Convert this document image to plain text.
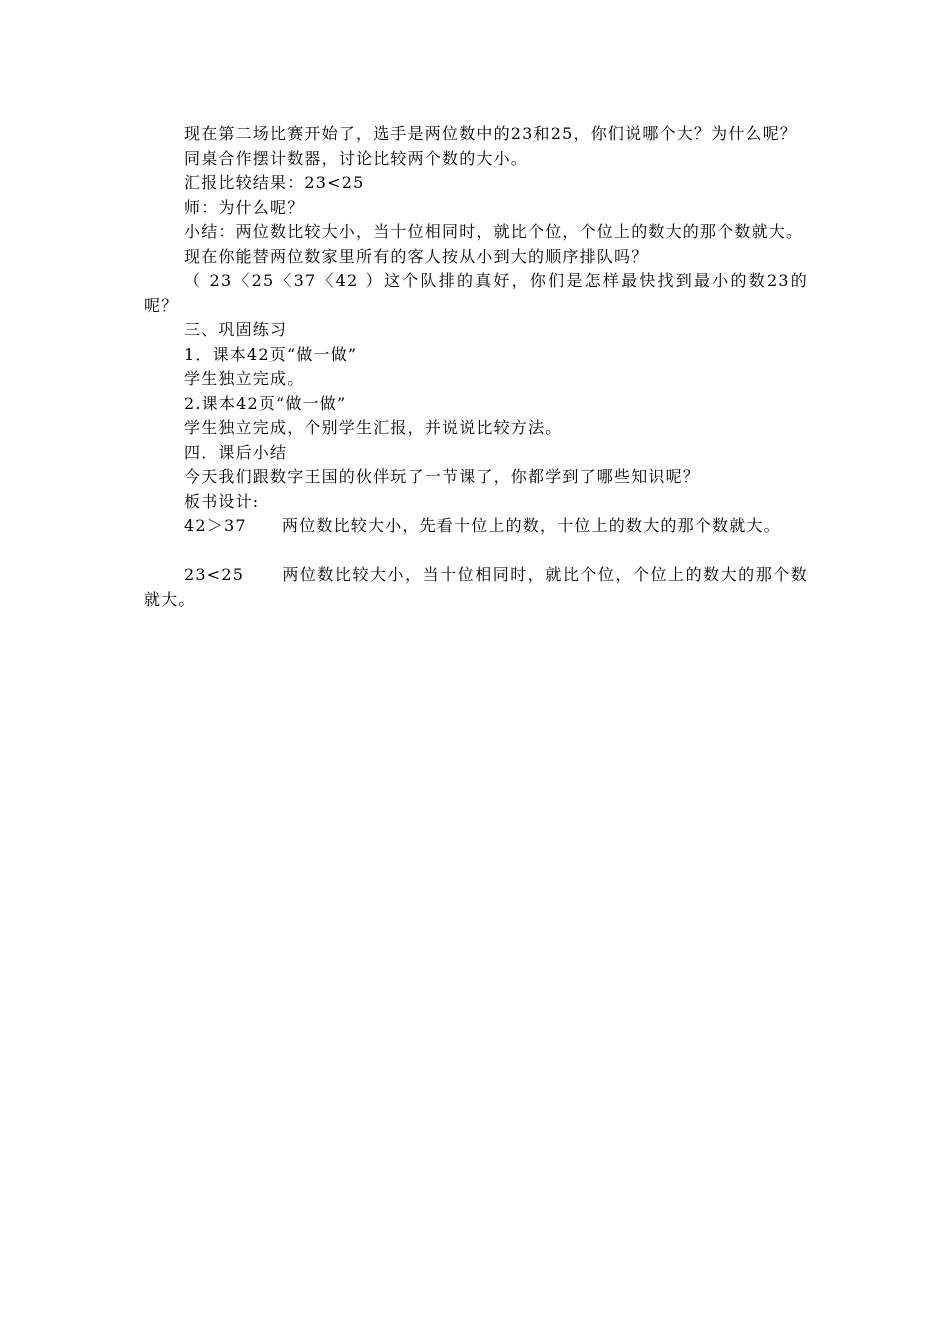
现在第二场比赛开始了，选手是两位数中的23和25，你们说哪个大？为什么呢？

同桌合作摆计数器，讨论比较两个数的大小。

汇报比较结果：23<25

师：为什么呢？

小结：两位数比较大小，当十位相同时，就比个位，个位上的数大的那个数就大。

现在你能替两位数家里所有的客人按从小到大的顺序排队吗？

（ 23〈25〈37〈42 ）这个队排的真好，你们是怎样最快找到最小的数23的呢？

三、巩固练习

1．课本42页“做一做”

学生独立完成。

2.课本42页“做一做”

学生独立完成，个别学生汇报，并说说比较方法。

四．课后小结

今天我们跟数字王国的伙伴玩了一节课了，你都学到了哪些知识呢？

板书设计:

42＞37 两位数比较大小，先看十位上的数，十位上的数大的那个数就大。

23<25 两位数比较大小，当十位相同时，就比个位，个位上的数大的那个数就大。
